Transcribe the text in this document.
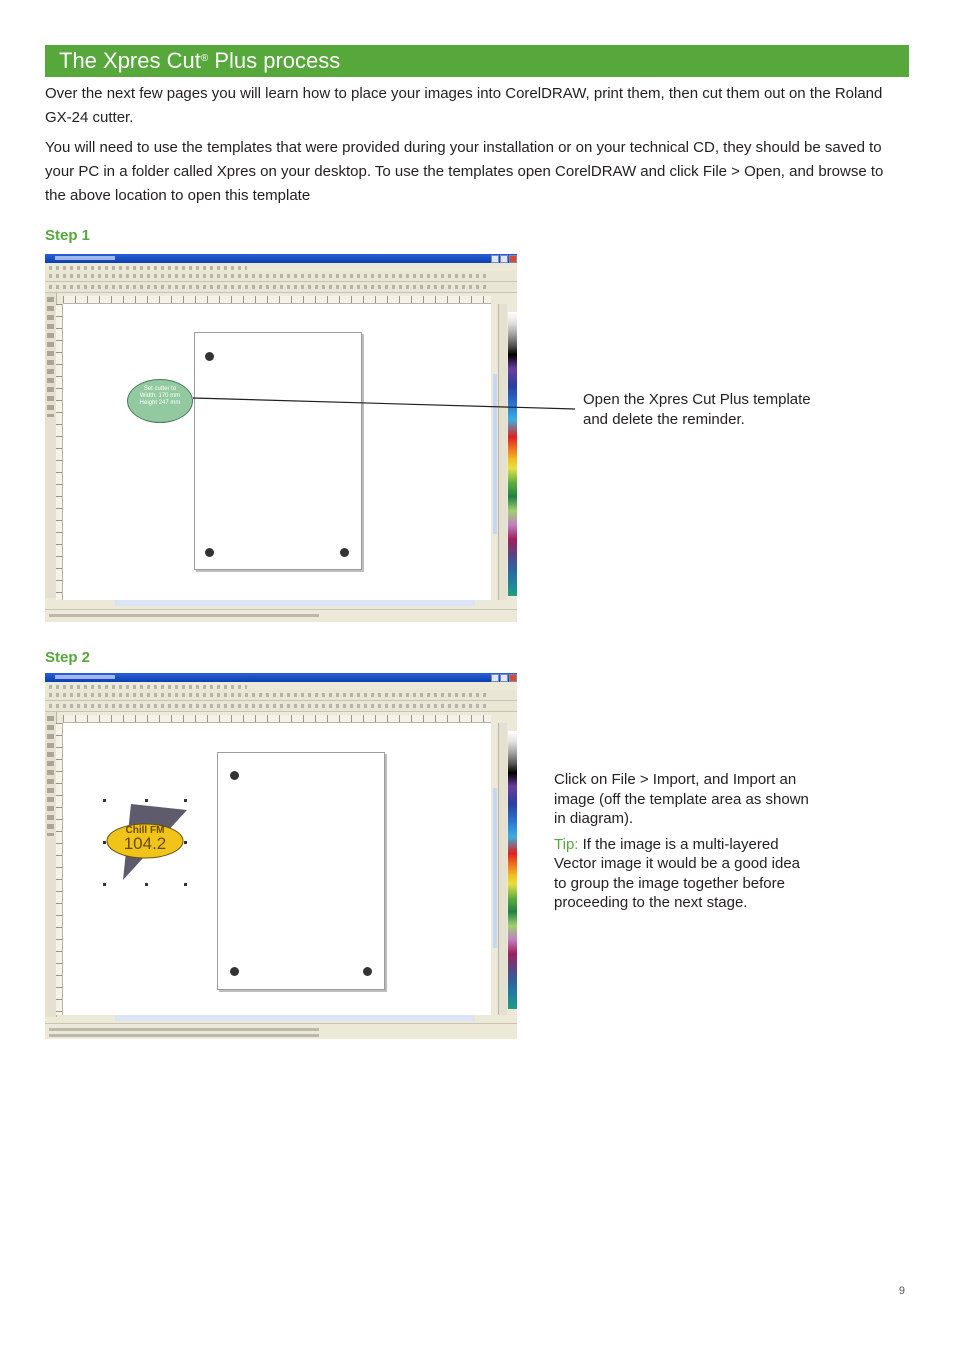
The Xpres Cut® Plus process

Over the next few pages you will learn how to place your images into CorelDRAW, print them, then cut them out on the Roland GX-24 cutter.

You will need to use the templates that were provided during your installation or on your technical CD, they should be saved to your PC in a folder called Xpres on your desktop. To use the templates open CorelDRAW and click File > Open, and browse to the above location to open this template

Step 1
Set cutter to
Width: 170 mm
Height 247 mm	Open the Xpres Cut Plus template
and delete the reminder.
Step 2
Chill FM
104.2
Click on File > Import, and Import an
image (off the template area as shown
in diagram).
Tip: If the image is a multi-layered
Vector image it would be a good idea
to group the image together before
proceeding to the next stage.
9
